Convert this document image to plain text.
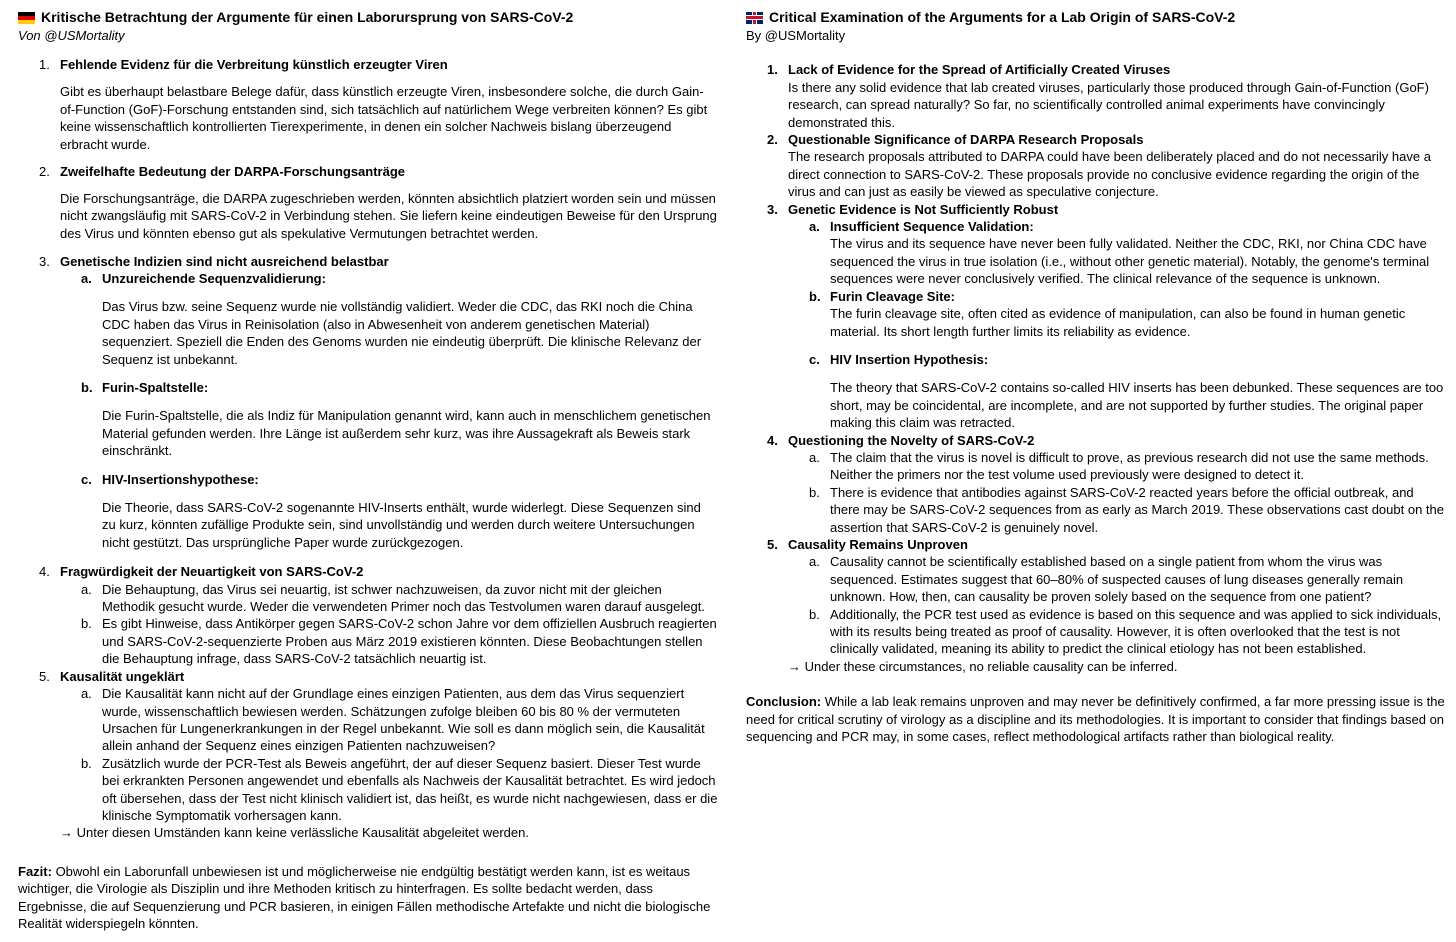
Kritische Betrachtung der Argumente für einen Laborursprung von SARS-CoV-2
Von @USMortality
1. Fehlende Evidenz für die Verbreitung künstlich erzeugter Viren

Gibt es überhaupt belastbare Belege dafür, dass künstlich erzeugte Viren, insbesondere solche, die durch Gain-of-Function (GoF)-Forschung entstanden sind, sich tatsächlich auf natürlichem Wege verbreiten können? Es gibt keine wissenschaftlich kontrollierten Tierexperimente, in denen ein solcher Nachweis bislang überzeugend erbracht wurde.

2. Zweifelhafte Bedeutung der DARPA-Forschungsanträge

Die Forschungsanträge, die DARPA zugeschrieben werden, könnten absichtlich platziert worden sein und müssen nicht zwangsläufig mit SARS-CoV-2 in Verbindung stehen. Sie liefern keine eindeutigen Beweise für den Ursprung des Virus und könnten ebenso gut als spekulative Vermutungen betrachtet werden.

3. Genetische Indizien sind nicht ausreichend belastbar
a. Unzureichende Sequenzvalidierung:

Das Virus bzw. seine Sequenz wurde nie vollständig validiert. Weder die CDC, das RKI noch die China CDC haben das Virus in Reinisolation (also in Abwesenheit von anderem genetischen Material) sequenziert. Speziell die Enden des Genoms wurden nie eindeutig überprüft. Die klinische Relevanz der Sequenz ist unbekannt.

b. Furin-Spaltstelle:

Die Furin-Spaltstelle, die als Indiz für Manipulation genannt wird, kann auch in menschlichem genetischen Material gefunden werden. Ihre Länge ist außerdem sehr kurz, was ihre Aussagekraft als Beweis stark einschränkt.

c. HIV-Insertionshypothese:

Die Theorie, dass SARS-CoV-2 sogenannte HIV-Inserts enthält, wurde widerlegt. Diese Sequenzen sind zu kurz, könnten zufällige Produkte sein, sind unvollständig und werden durch weitere Untersuchungen nicht gestützt. Das ursprüngliche Paper wurde zurückgezogen.

4. Fragwürdigkeit der Neuartigkeit von SARS-CoV-2
a. Die Behauptung, das Virus sei neuartig, ist schwer nachzuweisen, da zuvor nicht mit der gleichen Methodik gesucht wurde. Weder die verwendeten Primer noch das Testvolumen waren darauf ausgelegt.

b. Es gibt Hinweise, dass Antikörper gegen SARS-CoV-2 schon Jahre vor dem offiziellen Ausbruch reagierten und SARS-CoV-2-sequenzierte Proben aus März 2019 existieren könnten. Diese Beobachtungen stellen die Behauptung infrage, dass SARS-CoV-2 tatsächlich neuartig ist.

5. Kausalität ungeklärt
a. Die Kausalität kann nicht auf der Grundlage eines einzigen Patienten, aus dem das Virus sequenziert wurde, wissenschaftlich bewiesen werden. Schätzungen zufolge bleiben 60 bis 80 % der vermuteten Ursachen für Lungenerkrankungen in der Regel unbekannt. Wie soll es dann möglich sein, die Kausalität allein anhand der Sequenz eines einzigen Patienten nachzuweisen?

b. Zusätzlich wurde der PCR-Test als Beweis angeführt, der auf dieser Sequenz basiert. Dieser Test wurde bei erkrankten Personen angewendet und ebenfalls als Nachweis der Kausalität betrachtet. Es wird jedoch oft übersehen, dass der Test nicht klinisch validiert ist, das heißt, es wurde nicht nachgewiesen, dass er die klinische Symptomatik vorhersagen kann.

→ Unter diesen Umständen kann keine verlässliche Kausalität abgeleitet werden.

Fazit: Obwohl ein Laborunfall unbewiesen ist und möglicherweise nie endgültig bestätigt werden kann, ist es weitaus wichtiger, die Virologie als Disziplin und ihre Methoden kritisch zu hinterfragen. Es sollte bedacht werden, dass Ergebnisse, die auf Sequenzierung und PCR basieren, in einigen Fällen methodische Artefakte und nicht die biologische Realität widerspiegeln könnten.

Critical Examination of the Arguments for a Lab Origin of SARS-CoV-2
By @USMortality
1. Lack of Evidence for the Spread of Artificially Created Viruses

Is there any solid evidence that lab created viruses, particularly those produced through Gain-of-Function (GoF) research, can spread naturally? So far, no scientifically controlled animal experiments have convincingly demonstrated this.

2. Questionable Significance of DARPA Research Proposals

The research proposals attributed to DARPA could have been deliberately placed and do not necessarily have a direct connection to SARS-CoV-2. These proposals provide no conclusive evidence regarding the origin of the virus and can just as easily be viewed as speculative conjecture.

3. Genetic Evidence is Not Sufficiently Robust
a. Insufficient Sequence Validation:

The virus and its sequence have never been fully validated. Neither the CDC, RKI, nor China CDC have sequenced the virus in true isolation (i.e., without other genetic material). Notably, the genome's terminal sequences were never conclusively verified. The clinical relevance of the sequence is unknown.

b. Furin Cleavage Site:

The furin cleavage site, often cited as evidence of manipulation, can also be found in human genetic material. Its short length further limits its reliability as evidence.

c. HIV Insertion Hypothesis:

The theory that SARS-CoV-2 contains so-called HIV inserts has been debunked. These sequences are too short, may be coincidental, are incomplete, and are not supported by further studies. The original paper making this claim was retracted.

4. Questioning the Novelty of SARS-CoV-2
a. The claim that the virus is novel is difficult to prove, as previous research did not use the same methods. Neither the primers nor the test volume used previously were designed to detect it.

b. There is evidence that antibodies against SARS-CoV-2 reacted years before the official outbreak, and there may be SARS-CoV-2 sequences from as early as March 2019. These observations cast doubt on the assertion that SARS-CoV-2 is genuinely novel.

5. Causality Remains Unproven
a. Causality cannot be scientifically established based on a single patient from whom the virus was sequenced. Estimates suggest that 60–80% of suspected causes of lung diseases generally remain unknown. How, then, can causality be proven solely based on the sequence from one patient?

b. Additionally, the PCR test used as evidence is based on this sequence and was applied to sick individuals, with its results being treated as proof of causality. However, it is often overlooked that the test is not clinically validated, meaning its ability to predict the clinical etiology has not been established.

→ Under these circumstances, no reliable causality can be inferred.

Conclusion: While a lab leak remains unproven and may never be definitively confirmed, a far more pressing issue is the need for critical scrutiny of virology as a discipline and its methodologies. It is important to consider that findings based on sequencing and PCR may, in some cases, reflect methodological artifacts rather than biological reality.
